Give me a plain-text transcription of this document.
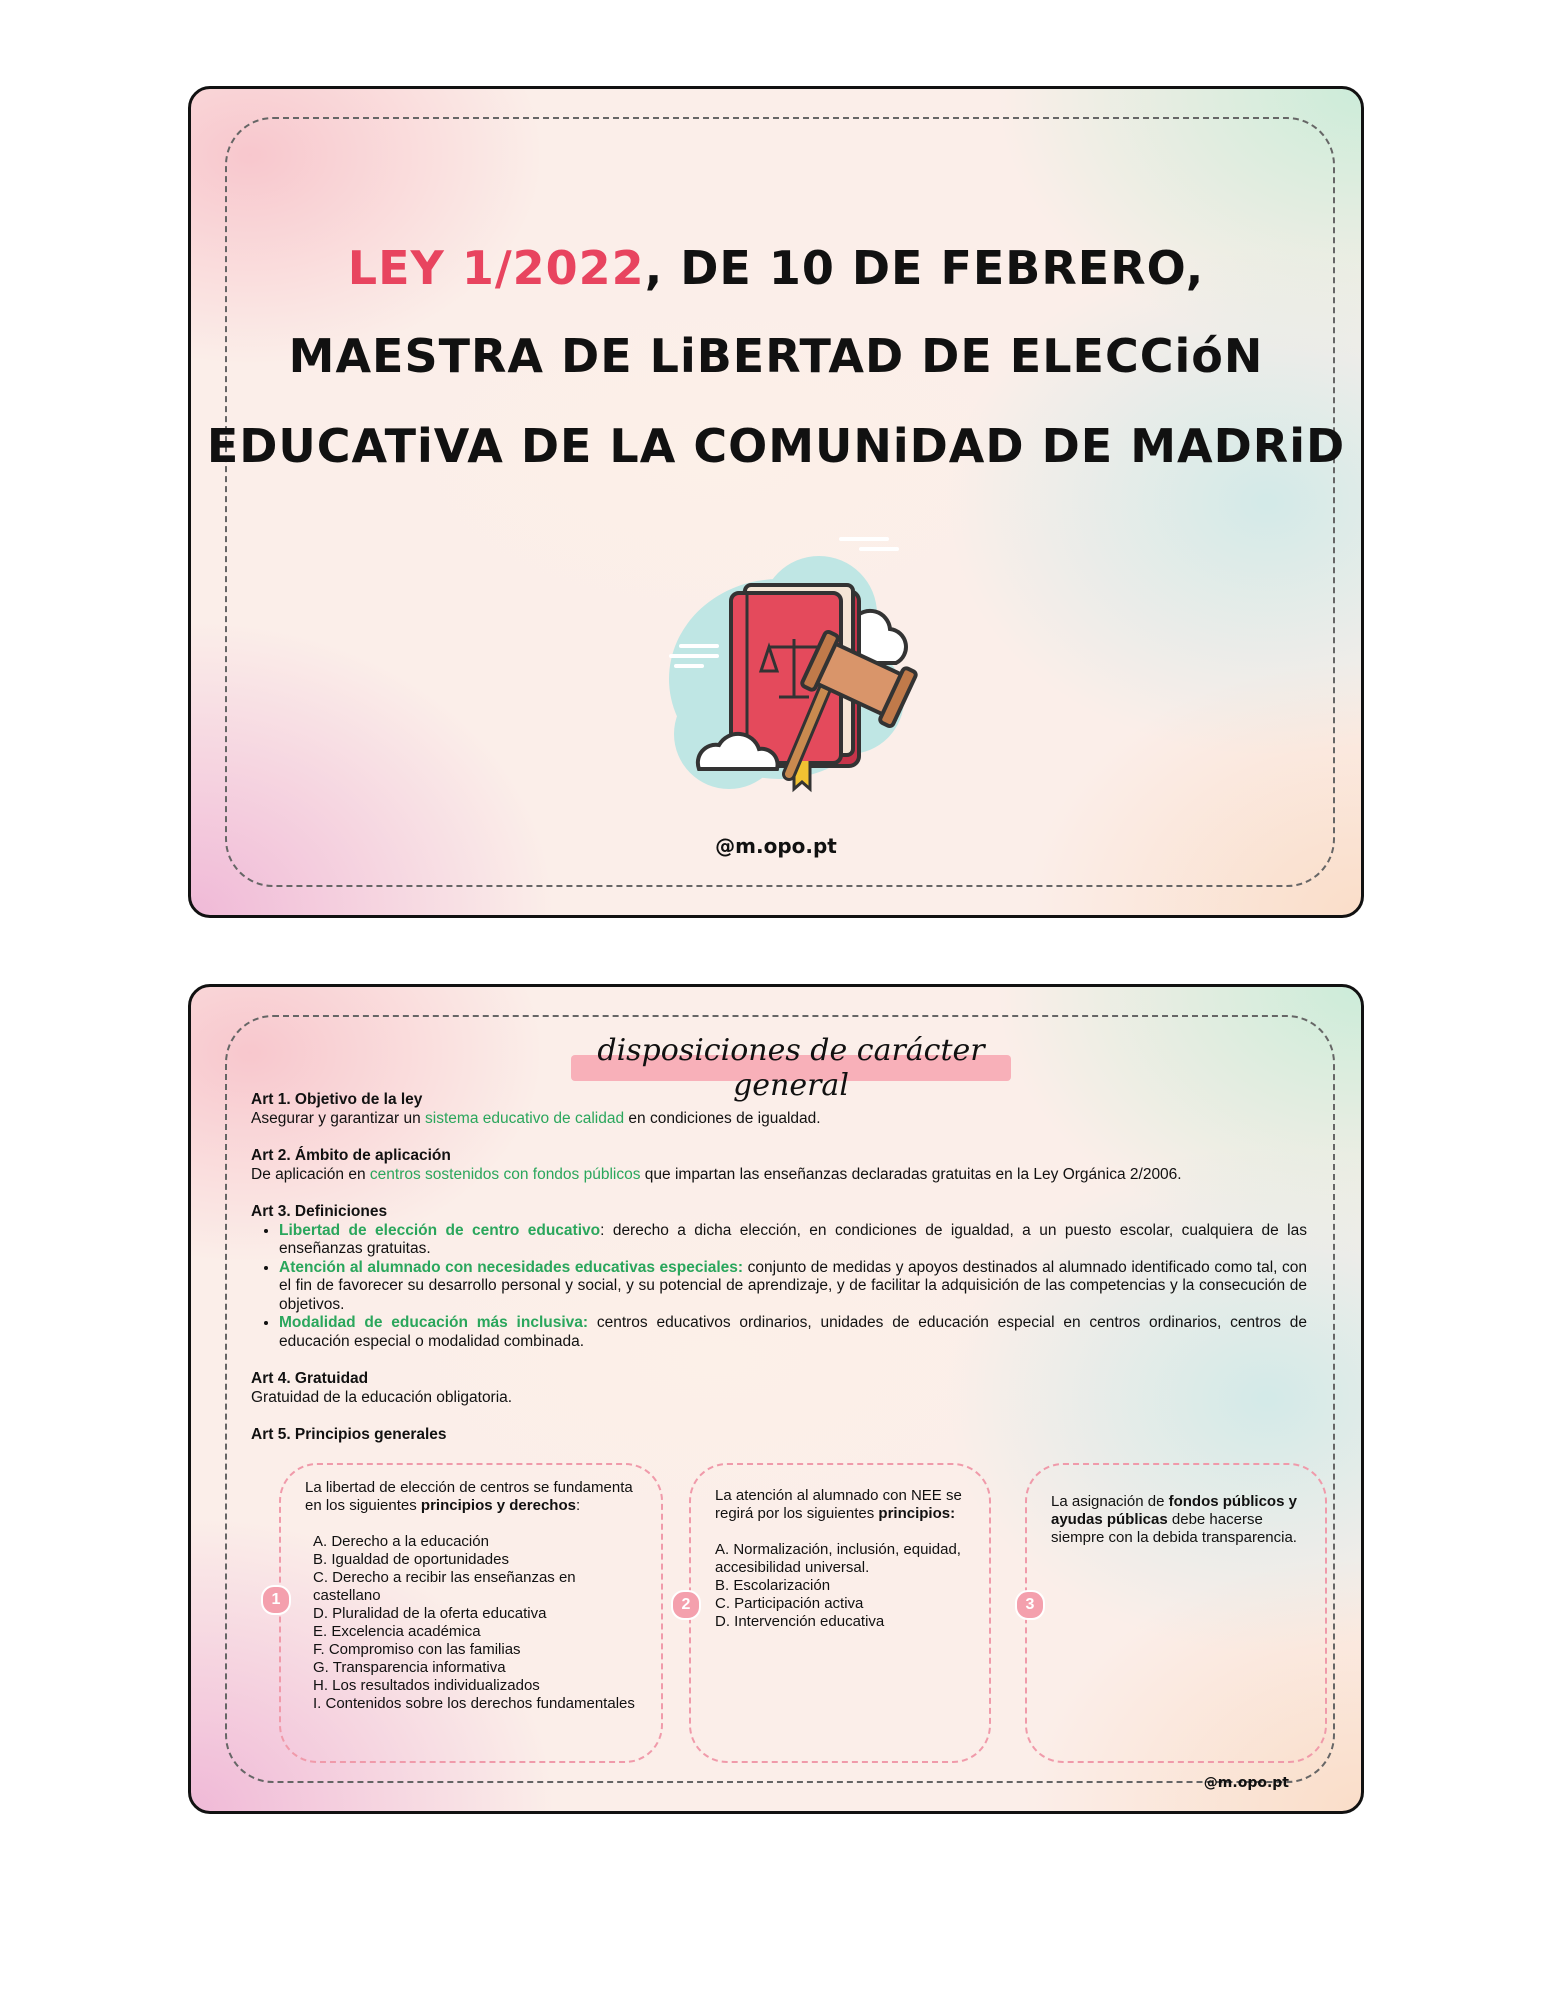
LEY 1/2022, DE 10 DE FEBRERO,
MAESTRA DE LiBERTAD DE ELECCióN
EDUCATiVA DE LA COMUNiDAD DE MADRiD
@m.opo.pt
disposiciones de carácter general
Art 1. Objetivo de la ley
Asegurar y garantizar un sistema educativo de calidad en condiciones de igualdad.
Art 2. Ámbito de aplicación
De aplicación en centros sostenidos con fondos públicos que impartan las enseñanzas declaradas gratuitas en la Ley Orgánica 2/2006.
Art 3. Definiciones
• Libertad de elección de centro educativo: derecho a dicha elección, en condiciones de igualdad, a un puesto escolar, cualquiera de las enseñanzas gratuitas.
• Atención al alumnado con necesidades educativas especiales: conjunto de medidas y apoyos destinados al alumnado identificado como tal, con el fin de favorecer su desarrollo personal y social, y su potencial de aprendizaje, y de facilitar la adquisición de las competencias y la consecución de objetivos.
• Modalidad de educación más inclusiva: centros educativos ordinarios, unidades de educación especial en centros ordinarios, centros de educación especial o modalidad combinada.
Art 4. Gratuidad
Gratuidad de la educación obligatoria.
Art 5. Principios generales
La libertad de elección de centros se fundamenta en los siguientes principios y derechos:
A. Derecho a la educación
B. Igualdad de oportunidades
C. Derecho a recibir las enseñanzas en castellano
D. Pluralidad de la oferta educativa
E. Excelencia académica
F. Compromiso con las familias
G. Transparencia informativa
H. Los resultados individualizados
I. Contenidos sobre los derechos fundamentales
1
La atención al alumnado con NEE se regirá por los siguientes principios:
A. Normalización, inclusión, equidad, accesibilidad universal.
B. Escolarización
C. Participación activa
D. Intervención educativa
2
La asignación de fondos públicos y ayudas públicas debe hacerse siempre con la debida transparencia.
3
@m.opo.pt
